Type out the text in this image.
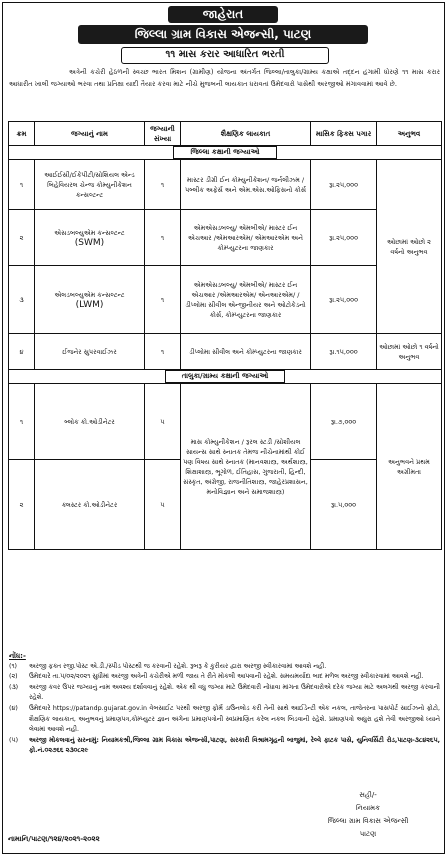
જાહેરાત
જિલ્લા ગ્રામ વિકાસ એજન્સી, પાટણ
૧૧ માસ કરાર આધારિત ભરતી

અત્રેની કચેરી હેઠળની સ્વચ્છ ભારત મિશન (ગ્રામીણ) યોજના અંતર્ગત જિલ્લા/તાલુકા/ગ્રામ્ય કક્ષાએ તદ્દન હંગામી ધોરણે ૧૧ માસ કરાર આધારીત ખાલી જગ્યાઓ ભરવા તથા પ્રતિક્ષા યાદી તૈયાર કરવા માટે નીચે મુજબની લાયકાત ધરાવતાં ઉમેદવારો પાસેથી અરજીઓ મંગાવવામાં આવે છે.

ક્રમ	જગ્યાનું નામ	જગ્યાની સંખ્યા	શૈક્ષણિક લાયકાત	માસિક ફિક્સ પગાર	અનુભવ
જિલ્લા કક્ષાની જગ્યાઓ					
૧	આઈઈસી/ઈકેપીટી/સોશિયલ એન્ડ બિહેવિયરલ ચેન્જ કોમ્યુનીકેશન કન્સલ્ટન્ટ	૧	માસ્ટર ડીગ્રી ઈન કોમ્યુનીકેશન/ જર્નલીઝમ / પબ્લીક અફેર્સ અને એમ.એસ.ઓફિસનો કોર્સ	રૂા.૨૫,૦૦૦	ઓછામાં ઓછો ૨ વર્ષનો અનુભવ
૨	એસડબલ્યુએમ કન્સલ્ટન્ટ
(SWM)	૧	એમએસડબલ્યુ/ એમબીએ/ માસ્ટર ઈન એચઆર /એમઆરએમ/ એમઆરએમ અને કોમ્પ્યુટરના જાણકાર	રૂા.૨૫,૦૦૦	
૩	એલડબલ્યુએમ કન્સલ્ટન્ટ
(LWM)	૧	એમએસડબલ્યુ/ એમબીએ/ માસ્ટર ઈન એચઆર /એમઆરએમ/ એનઆરએમ/ /ડીપ્લોમા સીવીલ એન્જીનીયર અને ઓટોકેડનો કોર્સ, કોમ્પ્યુટરના જાણકાર	રૂા.૨૫,૦૦૦	
૪	ઈજનેર સુપરવાઈઝર	૧	ડીપ્લોમા સીવીલ અને કોમ્પ્યુટરના જાણકાર	રૂા.૧૫,૦૦૦	ઓછામાં ઓછો ૧ વર્ષનો અનુભવ
તાલુકા/ગ્રામ્ય કક્ષાની જગ્યાઓ					
૧	બ્લોક કો.ઓડીનેટર	૫	માસ કોમ્યુનીકેશન / રૂરલ સ્ટડી /સોશીયલ સાયન્સ સાથે સ્નાતક તેમજ નીચેનામાંથી કોઈ પણ વિષય સાથે સ્નાતક (માનવશાસ્ત્ર, અર્થશાસ્ત્ર, શિક્ષાશાસ્ત્ર, ભૂગોળ, ઈતિહાસ, ગુજરાતી, હિન્દી, સંસ્કૃત, અંગ્રેજી, રાજનીતિશાસ્ત્ર, જાહેરપ્રશાસન, મનોવિજ્ઞાન અને સમાજશાસ્ત્ર)	રૂા.૭,૦૦૦	અનુભવને પ્રથમ અગ્રીમતા
૨	ક્લસ્ટર કો.ઓડીનેટર	૫		રૂા.૫,૦૦૦	
નોંધ:-
(૧)	અરજી ફક્ત રજી.પોસ્ટ એ.ડી./સ્પીડ પોસ્ટથી જ કરવાની રહેશે. રૂબરૂ કે કુરીયર દ્વારા અરજી સ્વીકારવામાં આવશે નહી.
(૨)	ઉમેદવારે તા.૫/૦૨/૨૦૨૧ સુધીમાં અરજી અત્રેની કચેરીએ મળી જાય તે રીતે મોકલી આપવાની રહેશે. સમયમર્યાદા બાદ મળેલ અરજી સ્વીકારવામાં આવશે નહી.
(૩)	અરજી કવર ઉપર જગ્યાનું નામ અવશ્ય દર્શાવવાનું રહેશે. એક થી વધુ જગ્યા માટે ઉમેદવારી નોંધાવા માંગતા ઉમેદવારોએ દરેક જગ્યા માટે અલગથી અરજી કરવાની રહેશે.
(૪)	ઉમેદવારે https://patandp.gujarat.gov.in વેબસાઈટ પરથી અરજી ફોર્મ ડાઉનલોડ કરી તેની સાથે આઈડેન્ટી એક નકલ, તાજેતરના પાસપોર્ટ સાઈઝનો ફોટો, શૈક્ષણિક લાયકાત, અનુભવનું પ્રમાણપત્ર,કોમ્પ્યુટર જ્ઞાન અંગેના પ્રમાણપત્રોની સ્વપ્રમાણિત કરેલ નકલ બિડવાની રહેશે. પ્રમાણપત્રો અધુરા હશે તેવી અરજીઓ ધ્યાને લેવામાં આવશે નહી.
(૫)	અરજી મોકલવાનું સરનામું: નિયામકશ્રી,જિલ્લા ગ્રામ વિકાસ એજન્સી,પાટણ, સરકારી વિશ્રામગૃહની બાજુમાં, રેલ્વે ફાટક પાસે, યુનિવર્સિટી રોડ,પાટણ-૩૮૪૨૬૫, ફો.નં.૦૨૭૬૬ ૨૩૦૮૨૯
સહી/-
નિયામક
જિલ્લા ગ્રામ વિકાસ એજન્સી
પાટણ
નામાનિ/પાટણ/૧૨૪/૨૦૨૧-૨૦૨૨
